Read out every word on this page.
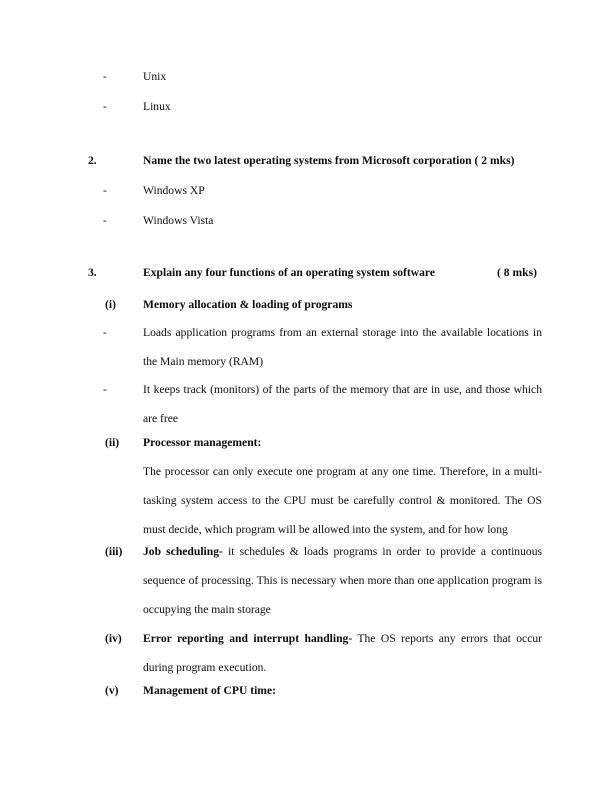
-	Unix
-	Linux
2.	Name the two latest operating systems from Microsoft corporation ( 2 mks)
-	Windows XP
-	Windows Vista
3.	Explain any four functions of an operating system software	( 8 mks)
(i) Memory allocation & loading of programs
-	Loads application programs from an external storage into the available locations in the Main memory (RAM)
-	It keeps track (monitors) of the parts of the memory that are in use, and those which are free
(ii) Processor management:
The processor can only execute one program at any one time. Therefore, in a multi-tasking system access to the CPU must be carefully control & monitored. The OS must decide, which program will be allowed into the system, and for how long
(iii) Job scheduling- it schedules & loads programs in order to provide a continuous sequence of processing. This is necessary when more than one application program is occupying the main storage
(iv) Error reporting and interrupt handling- The OS reports any errors that occur during program execution.
(v) Management of CPU time:
